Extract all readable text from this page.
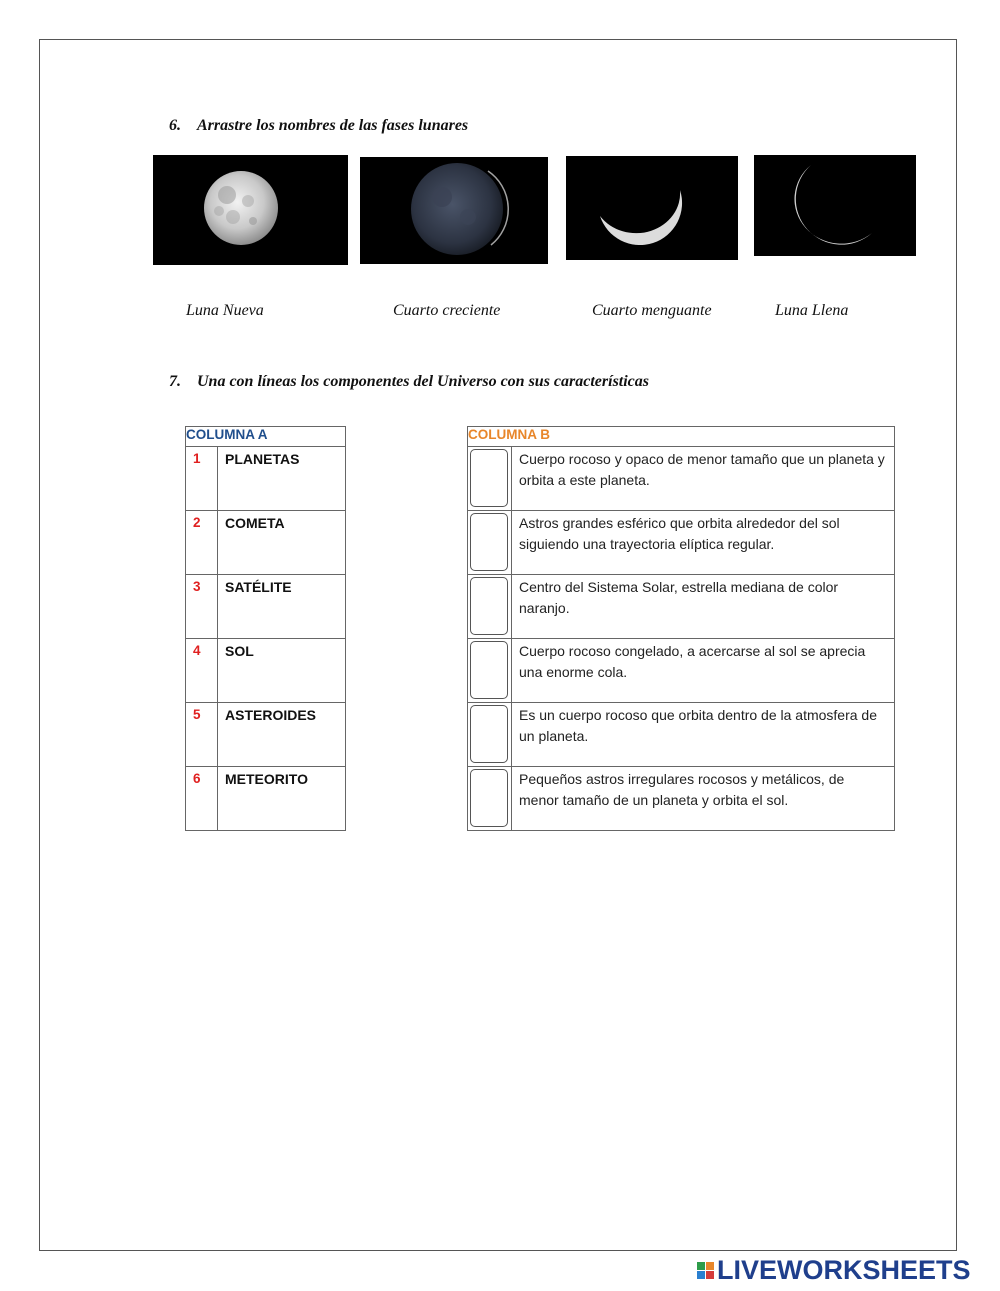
6. Arrastre los nombres de las fases lunares
Luna Nueva	Cuarto creciente	Cuarto menguante	Luna Llena
7. Una con líneas los componentes del Universo con sus características
COLUMNA A	
1	PLANETAS
2	COMETA
3	SATÉLITE
4	SOL
5	ASTEROIDES
6	METEORITO
COLUMNA B	

	Cuerpo rocoso y opaco de menor tamaño que un planeta y orbita a este planeta.

	Astros grandes esférico que orbita alrededor del sol siguiendo una trayectoria elíptica regular.

	Centro del Sistema Solar, estrella mediana de color naranjo.

	Cuerpo rocoso congelado, a acercarse al sol se aprecia una enorme cola.

	Es un cuerpo rocoso que orbita dentro de la atmosfera de un planeta.

	Pequeños astros irregulares rocosos y metálicos, de menor tamaño de un planeta y orbita el sol.
LIVEWORKSHEETS
